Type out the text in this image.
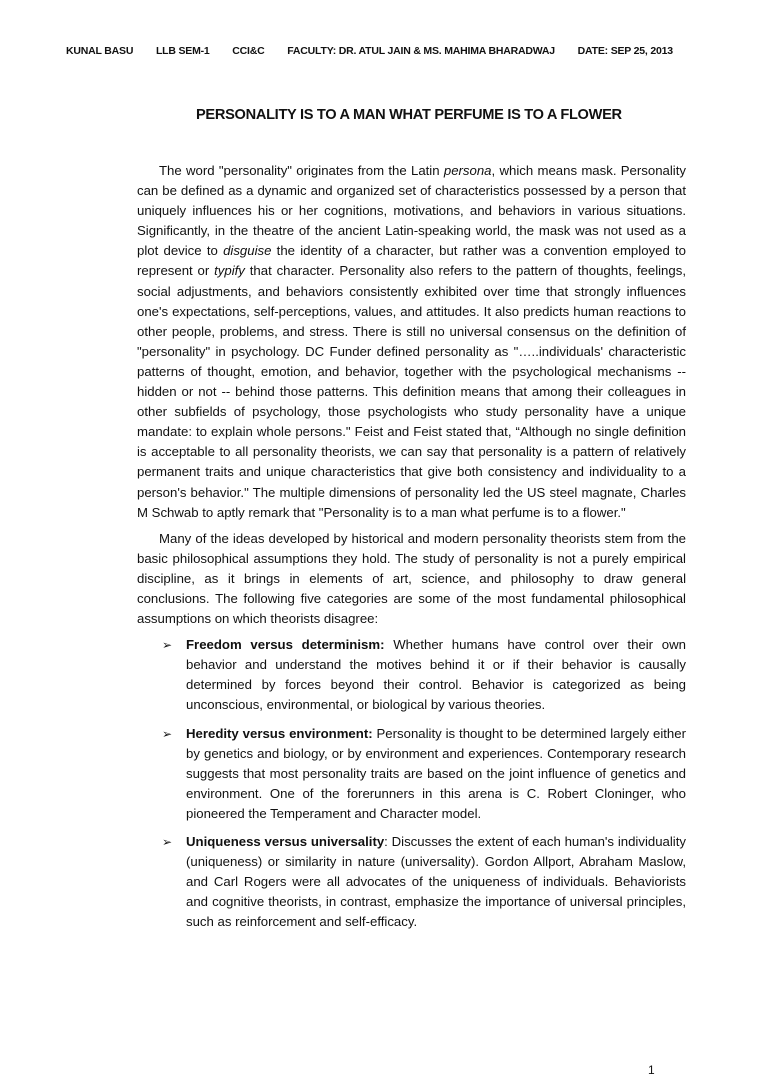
KUNAL BASU LLB SEM-1 CCI&C FACULTY: DR. ATUL JAIN & MS. MAHIMA BHARADWAJ DATE: SEP 25, 2013
PERSONALITY IS TO A MAN WHAT PERFUME IS TO A FLOWER

The word "personality" originates from the Latin persona, which means mask. Personality can be defined as a dynamic and organized set of characteristics possessed by a person that uniquely influences his or her cognitions, motivations, and behaviors in various situations. Significantly, in the theatre of the ancient Latin-speaking world, the mask was not used as a plot device to disguise the identity of a character, but rather was a convention employed to represent or typify that character. Personality also refers to the pattern of thoughts, feelings, social adjustments, and behaviors consistently exhibited over time that strongly influences one's expectations, self-perceptions, values, and attitudes. It also predicts human reactions to other people, problems, and stress. There is still no universal consensus on the definition of "personality" in psychology. DC Funder defined personality as "…..individuals' characteristic patterns of thought, emotion, and behavior, together with the psychological mechanisms -- hidden or not -- behind those patterns. This definition means that among their colleagues in other subfields of psychology, those psychologists who study personality have a unique mandate: to explain whole persons." Feist and Feist stated that, “Although no single definition is acceptable to all personality theorists, we can say that personality is a pattern of relatively permanent traits and unique characteristics that give both consistency and individuality to a person's behavior." The multiple dimensions of personality led the US steel magnate, Charles M Schwab to aptly remark that "Personality is to a man what perfume is to a flower."

Many of the ideas developed by historical and modern personality theorists stem from the basic philosophical assumptions they hold. The study of personality is not a purely empirical discipline, as it brings in elements of art, science, and philosophy to draw general conclusions. The following five categories are some of the most fundamental philosophical assumptions on which theorists disagree:

➢ Freedom versus determinism: Whether humans have control over their own behavior and understand the motives behind it or if their behavior is causally determined by forces beyond their control. Behavior is categorized as being unconscious, environmental, or biological by various theories.
➢ Heredity versus environment: Personality is thought to be determined largely either by genetics and biology, or by environment and experiences. Contemporary research suggests that most personality traits are based on the joint influence of genetics and environment. One of the forerunners in this arena is C. Robert Cloninger, who pioneered the Temperament and Character model.
➢ Uniqueness versus universality: Discusses the extent of each human's individuality (uniqueness) or similarity in nature (universality). Gordon Allport, Abraham Maslow, and Carl Rogers were all advocates of the uniqueness of individuals. Behaviorists and cognitive theorists, in contrast, emphasize the importance of universal principles, such as reinforcement and self-efficacy.
1
